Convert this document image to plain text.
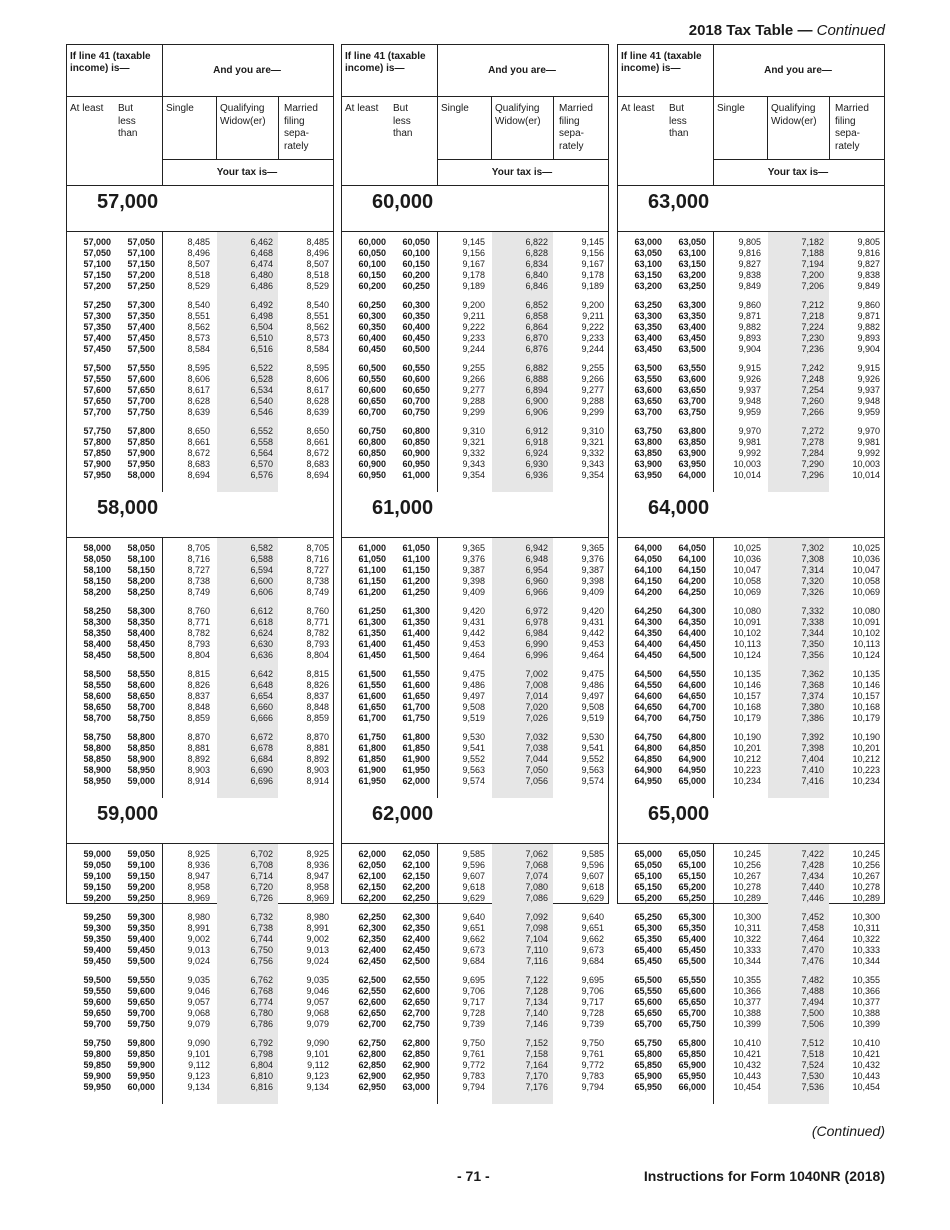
2018 Tax Table — Continued
If line 41 (taxable income) is—	And you are—
At least	But less than
Single	Qualifying Widow(er)
Married filing sepa- rately
Your tax is—
57,000
57,000 57,050	8,485	6,462	8,485
57,050 57,100	8,496	6,468	8,496
57,100 57,150	8,507	6,474	8,507
57,150 57,200	8,518	6,480	8,518
57,200 57,250	8,529	6,486	8,529
57,250 57,300	8,540	6,492	8,540
57,300 57,350	8,551	6,498	8,551
57,350 57,400	8,562	6,504	8,562
57,400 57,450	8,573	6,510	8,573
57,450 57,500	8,584	6,516	8,584
57,500 57,550	8,595	6,522	8,595
57,550 57,600	8,606	6,528	8,606
57,600 57,650	8,617	6,534	8,617
57,650 57,700	8,628	6,540	8,628
57,700 57,750	8,639	6,546	8,639
57,750 57,800	8,650	6,552	8,650
57,800 57,850	8,661	6,558	8,661
57,850 57,900	8,672	6,564	8,672
57,900 57,950	8,683	6,570	8,683
57,950 58,000	8,694	6,576	8,694
58,000
58,000 58,050	8,705	6,582	8,705
58,050 58,100	8,716	6,588	8,716
58,100 58,150	8,727	6,594	8,727
58,150 58,200	8,738	6,600	8,738
58,200 58,250	8,749	6,606	8,749
58,250 58,300	8,760	6,612	8,760
58,300 58,350	8,771	6,618	8,771
58,350 58,400	8,782	6,624	8,782
58,400 58,450	8,793	6,630	8,793
58,450 58,500	8,804	6,636	8,804
58,500 58,550	8,815	6,642	8,815
58,550 58,600	8,826	6,648	8,826
58,600 58,650	8,837	6,654	8,837
58,650 58,700	8,848	6,660	8,848
58,700 58,750	8,859	6,666	8,859
58,750 58,800	8,870	6,672	8,870
58,800 58,850	8,881	6,678	8,881
58,850 58,900	8,892	6,684	8,892
58,900 58,950	8,903	6,690	8,903
58,950 59,000	8,914	6,696	8,914
59,000
59,000 59,050	8,925	6,702	8,925
59,050 59,100	8,936	6,708	8,936
59,100 59,150	8,947	6,714	8,947
59,150 59,200	8,958	6,720	8,958
59,200 59,250	8,969	6,726	8,969
59,250 59,300	8,980	6,732	8,980
59,300 59,350	8,991	6,738	8,991
59,350 59,400	9,002	6,744	9,002
59,400 59,450	9,013	6,750	9,013
59,450 59,500	9,024	6,756	9,024
59,500 59,550	9,035	6,762	9,035
59,550 59,600	9,046	6,768	9,046
59,600 59,650	9,057	6,774	9,057
59,650 59,700	9,068	6,780	9,068
59,700 59,750	9,079	6,786	9,079
59,750 59,800	9,090	6,792	9,090
59,800 59,850	9,101	6,798	9,101
59,850 59,900	9,112	6,804	9,112
59,900 59,950	9,123	6,810	9,123
59,950 60,000	9,134	6,816	9,134
If line 41 (taxable income) is—	And you are—
At least	But less than
Single	Qualifying Widow(er)
Married filing sepa- rately
Your tax is—
60,000
60,000 60,050	9,145	6,822	9,145
60,050 60,100	9,156	6,828	9,156
60,100 60,150	9,167	6,834	9,167
60,150 60,200	9,178	6,840	9,178
60,200 60,250	9,189	6,846	9,189
60,250 60,300	9,200	6,852	9,200
60,300 60,350	9,211	6,858	9,211
60,350 60,400	9,222	6,864	9,222
60,400 60,450	9,233	6,870	9,233
60,450 60,500	9,244	6,876	9,244
60,500 60,550	9,255	6,882	9,255
60,550 60,600	9,266	6,888	9,266
60,600 60,650	9,277	6,894	9,277
60,650 60,700	9,288	6,900	9,288
60,700 60,750	9,299	6,906	9,299
60,750 60,800	9,310	6,912	9,310
60,800 60,850	9,321	6,918	9,321
60,850 60,900	9,332	6,924	9,332
60,900 60,950	9,343	6,930	9,343
60,950 61,000	9,354	6,936	9,354
61,000
61,000 61,050	9,365	6,942	9,365
61,050 61,100	9,376	6,948	9,376
61,100 61,150	9,387	6,954	9,387
61,150 61,200	9,398	6,960	9,398
61,200 61,250	9,409	6,966	9,409
61,250 61,300	9,420	6,972	9,420
61,300 61,350	9,431	6,978	9,431
61,350 61,400	9,442	6,984	9,442
61,400 61,450	9,453	6,990	9,453
61,450 61,500	9,464	6,996	9,464
61,500 61,550	9,475	7,002	9,475
61,550 61,600	9,486	7,008	9,486
61,600 61,650	9,497	7,014	9,497
61,650 61,700	9,508	7,020	9,508
61,700 61,750	9,519	7,026	9,519
61,750 61,800	9,530	7,032	9,530
61,800 61,850	9,541	7,038	9,541
61,850 61,900	9,552	7,044	9,552
61,900 61,950	9,563	7,050	9,563
61,950 62,000	9,574	7,056	9,574
62,000
62,000 62,050	9,585	7,062	9,585
62,050 62,100	9,596	7,068	9,596
62,100 62,150	9,607	7,074	9,607
62,150 62,200	9,618	7,080	9,618
62,200 62,250	9,629	7,086	9,629
62,250 62,300	9,640	7,092	9,640
62,300 62,350	9,651	7,098	9,651
62,350 62,400	9,662	7,104	9,662
62,400 62,450	9,673	7,110	9,673
62,450 62,500	9,684	7,116	9,684
62,500 62,550	9,695	7,122	9,695
62,550 62,600	9,706	7,128	9,706
62,600 62,650	9,717	7,134	9,717
62,650 62,700	9,728	7,140	9,728
62,700 62,750	9,739	7,146	9,739
62,750 62,800	9,750	7,152	9,750
62,800 62,850	9,761	7,158	9,761
62,850 62,900	9,772	7,164	9,772
62,900 62,950	9,783	7,170	9,783
62,950 63,000	9,794	7,176	9,794
If line 41 (taxable income) is—	And you are—
At least	But less than
Single	Qualifying Widow(er)
Married filing sepa- rately
Your tax is—
63,000
63,000 63,050	9,805	7,182	9,805
63,050 63,100	9,816	7,188	9,816
63,100 63,150	9,827	7,194	9,827
63,150 63,200	9,838	7,200	9,838
63,200 63,250	9,849	7,206	9,849
63,250 63,300	9,860	7,212	9,860
63,300 63,350	9,871	7,218	9,871
63,350 63,400	9,882	7,224	9,882
63,400 63,450	9,893	7,230	9,893
63,450 63,500	9,904	7,236	9,904
63,500 63,550	9,915	7,242	9,915
63,550 63,600	9,926	7,248	9,926
63,600 63,650	9,937	7,254	9,937
63,650 63,700	9,948	7,260	9,948
63,700 63,750	9,959	7,266	9,959
63,750 63,800	9,970	7,272	9,970
63,800 63,850	9,981	7,278	9,981
63,850 63,900	9,992	7,284	9,992
63,900 63,950	10,003	7,290	10,003
63,950 64,000	10,014	7,296	10,014
64,000
64,000 64,050	10,025	7,302	10,025
64,050 64,100	10,036	7,308	10,036
64,100 64,150	10,047	7,314	10,047
64,150 64,200	10,058	7,320	10,058
64,200 64,250	10,069	7,326	10,069
64,250 64,300	10,080	7,332	10,080
64,300 64,350	10,091	7,338	10,091
64,350 64,400	10,102	7,344	10,102
64,400 64,450	10,113	7,350	10,113
64,450 64,500	10,124	7,356	10,124
64,500 64,550	10,135	7,362	10,135
64,550 64,600	10,146	7,368	10,146
64,600 64,650	10,157	7,374	10,157
64,650 64,700	10,168	7,380	10,168
64,700 64,750	10,179	7,386	10,179
64,750 64,800	10,190	7,392	10,190
64,800 64,850	10,201	7,398	10,201
64,850 64,900	10,212	7,404	10,212
64,900 64,950	10,223	7,410	10,223
64,950 65,000	10,234	7,416	10,234
65,000
65,000 65,050	10,245	7,422	10,245
65,050 65,100	10,256	7,428	10,256
65,100 65,150	10,267	7,434	10,267
65,150 65,200	10,278	7,440	10,278
65,200 65,250	10,289	7,446	10,289
65,250 65,300	10,300	7,452	10,300
65,300 65,350	10,311	7,458	10,311
65,350 65,400	10,322	7,464	10,322
65,400 65,450	10,333	7,470	10,333
65,450 65,500	10,344	7,476	10,344
65,500 65,550	10,355	7,482	10,355
65,550 65,600	10,366	7,488	10,366
65,600 65,650	10,377	7,494	10,377
65,650 65,700	10,388	7,500	10,388
65,700 65,750	10,399	7,506	10,399
65,750 65,800	10,410	7,512	10,410
65,800 65,850	10,421	7,518	10,421
65,850 65,900	10,432	7,524	10,432
65,900 65,950	10,443	7,530	10,443
65,950 66,000	10,454	7,536	10,454
(Continued)
- 71 -	Instructions for Form 1040NR (2018)
